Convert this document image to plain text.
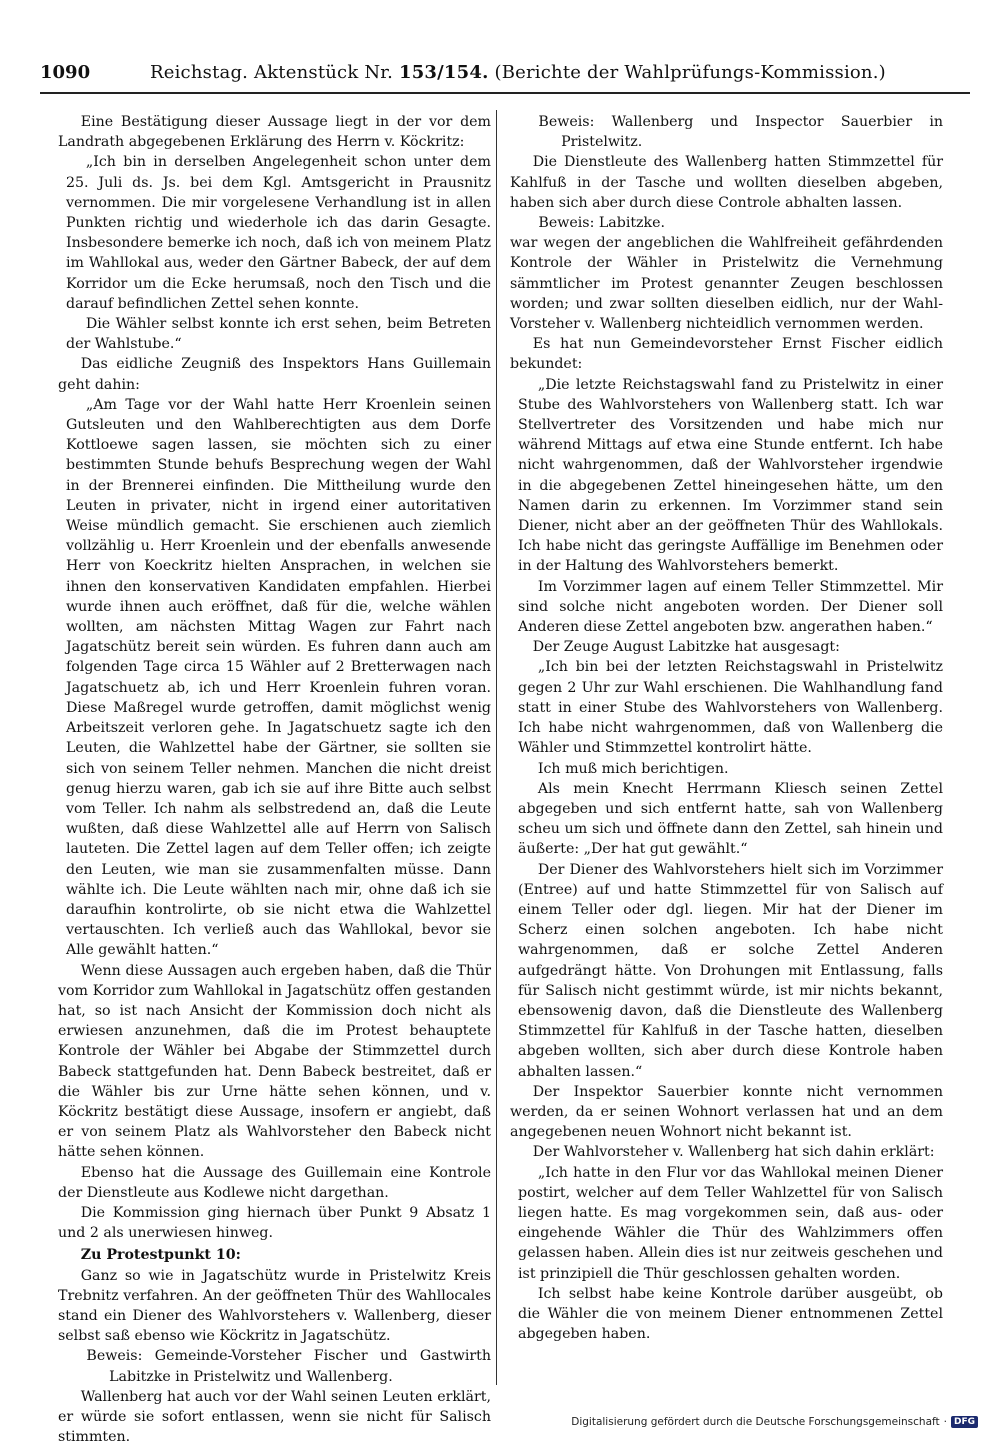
1090	Reichstag. Aktenstück Nr. 153/154. (Berichte der Wahlprüfungs-Kommission.)

Eine Bestätigung dieser Aussage liegt in der vor dem Landrath abgegebenen Erklärung des Herrn v. Köckritz:

„Ich bin in derselben Angelegenheit schon unter dem 25. Juli ds. Js. bei dem Kgl. Amtsgericht in Prausnitz vernommen. Die mir vorgelesene Verhandlung ist in allen Punkten richtig und wiederhole ich das darin Gesagte. Insbesondere bemerke ich noch, daß ich von meinem Platz im Wahllokal aus, weder den Gärtner Babeck, der auf dem Korridor um die Ecke herumsaß, noch den Tisch und die darauf befindlichen Zettel sehen konnte.

Die Wähler selbst konnte ich erst sehen, beim Betreten der Wahlstube.“

Das eidliche Zeugniß des Inspektors Hans Guillemain geht dahin:

„Am Tage vor der Wahl hatte Herr Kroenlein seinen Gutsleuten und den Wahlberechtigten aus dem Dorfe Kottloewe sagen lassen, sie möchten sich zu einer bestimmten Stunde behufs Besprechung wegen der Wahl in der Brennerei einfinden. Die Mittheilung wurde den Leuten in privater, nicht in irgend einer autoritativen Weise mündlich gemacht. Sie erschienen auch ziemlich vollzählig u. Herr Kroenlein und der ebenfalls anwesende Herr von Koeckritz hielten Ansprachen, in welchen sie ihnen den konservativen Kandidaten empfahlen. Hierbei wurde ihnen auch eröffnet, daß für die, welche wählen wollten, am nächsten Mittag Wagen zur Fahrt nach Jagatschütz bereit sein würden. Es fuhren dann auch am folgenden Tage circa 15 Wähler auf 2 Bretterwagen nach Jagatschuetz ab, ich und Herr Kroenlein fuhren voran. Diese Maßregel wurde getroffen, damit möglichst wenig Arbeitszeit verloren gehe. In Jagatschuetz sagte ich den Leuten, die Wahlzettel habe der Gärtner, sie sollten sie sich von seinem Teller nehmen. Manchen die nicht dreist genug hierzu waren, gab ich sie auf ihre Bitte auch selbst vom Teller. Ich nahm als selbstredend an, daß die Leute wußten, daß diese Wahlzettel alle auf Herrn von Salisch lauteten. Die Zettel lagen auf dem Teller offen; ich zeigte den Leuten, wie man sie zusammenfalten müsse. Dann wählte ich. Die Leute wählten nach mir, ohne daß ich sie daraufhin kontrolirte, ob sie nicht etwa die Wahlzettel vertauschten. Ich verließ auch das Wahllokal, bevor sie Alle gewählt hatten.“

Wenn diese Aussagen auch ergeben haben, daß die Thür vom Korridor zum Wahllokal in Jagatschütz offen gestanden hat, so ist nach Ansicht der Kommission doch nicht als erwiesen anzunehmen, daß die im Protest behauptete Kontrole der Wähler bei Abgabe der Stimmzettel durch Babeck stattgefunden hat. Denn Babeck bestreitet, daß er die Wähler bis zur Urne hätte sehen können, und v. Köckritz bestätigt diese Aussage, insofern er angiebt, daß er von seinem Platz als Wahlvorsteher den Babeck nicht hätte sehen können.

Ebenso hat die Aussage des Guillemain eine Kontrole der Dienstleute aus Kodlewe nicht dargethan.

Die Kommission ging hiernach über Punkt 9 Absatz 1 und 2 als unerwiesen hinweg.

Zu Protestpunkt 10:

Ganz so wie in Jagatschütz wurde in Pristelwitz Kreis Trebnitz verfahren. An der geöffneten Thür des Wahllocales stand ein Diener des Wahlvorstehers v. Wallenberg, dieser selbst saß ebenso wie Köckritz in Jagatschütz.

Beweis: Gemeinde-Vorsteher Fischer und Gastwirth Labitzke in Pristelwitz und Wallenberg.

Wallenberg hat auch vor der Wahl seinen Leuten erklärt, er würde sie sofort entlassen, wenn sie nicht für Salisch stimmten.

Beweis: Wallenberg und Inspector Sauerbier in Pristelwitz.

Die Dienstleute des Wallenberg hatten Stimmzettel für Kahlfuß in der Tasche und wollten dieselben abgeben, haben sich aber durch diese Controle abhalten lassen.

Beweis: Labitzke.

war wegen der angeblichen die Wahlfreiheit gefährdenden Kontrole der Wähler in Pristelwitz die Vernehmung sämmtlicher im Protest genannter Zeugen beschlossen worden; und zwar sollten dieselben eidlich, nur der Wahl-Vorsteher v. Wallenberg nichteidlich vernommen werden.

Es hat nun Gemeindevorsteher Ernst Fischer eidlich bekundet:

„Die letzte Reichstagswahl fand zu Pristelwitz in einer Stube des Wahlvorstehers von Wallenberg statt. Ich war Stellvertreter des Vorsitzenden und habe mich nur während Mittags auf etwa eine Stunde entfernt. Ich habe nicht wahrgenommen, daß der Wahlvorsteher irgendwie in die abgegebenen Zettel hineingesehen hätte, um den Namen darin zu erkennen. Im Vorzimmer stand sein Diener, nicht aber an der geöffneten Thür des Wahllokals. Ich habe nicht das geringste Auffällige im Benehmen oder in der Haltung des Wahlvorstehers bemerkt.

Im Vorzimmer lagen auf einem Teller Stimmzettel. Mir sind solche nicht angeboten worden. Der Diener soll Anderen diese Zettel angeboten bzw. angerathen haben.“

Der Zeuge August Labitzke hat ausgesagt:

„Ich bin bei der letzten Reichstagswahl in Pristelwitz gegen 2 Uhr zur Wahl erschienen. Die Wahlhandlung fand statt in einer Stube des Wahlvorstehers von Wallenberg. Ich habe nicht wahrgenommen, daß von Wallenberg die Wähler und Stimmzettel kontrolirt hätte.

Ich muß mich berichtigen.

Als mein Knecht Herrmann Kliesch seinen Zettel abgegeben und sich entfernt hatte, sah von Wallenberg scheu um sich und öffnete dann den Zettel, sah hinein und äußerte: „Der hat gut gewählt.“

Der Diener des Wahlvorstehers hielt sich im Vorzimmer (Entree) auf und hatte Stimmzettel für von Salisch auf einem Teller oder dgl. liegen. Mir hat der Diener im Scherz einen solchen angeboten. Ich habe nicht wahrgenommen, daß er solche Zettel Anderen aufgedrängt hätte. Von Drohungen mit Entlassung, falls für Salisch nicht gestimmt würde, ist mir nichts bekannt, ebensowenig davon, daß die Dienstleute des Wallenberg Stimmzettel für Kahlfuß in der Tasche hatten, dieselben abgeben wollten, sich aber durch diese Kontrole haben abhalten lassen.“

Der Inspektor Sauerbier konnte nicht vernommen werden, da er seinen Wohnort verlassen hat und an dem angegebenen neuen Wohnort nicht bekannt ist.

Der Wahlvorsteher v. Wallenberg hat sich dahin erklärt:

„Ich hatte in den Flur vor das Wahllokal meinen Diener postirt, welcher auf dem Teller Wahlzettel für von Salisch liegen hatte. Es mag vorgekommen sein, daß aus- oder eingehende Wähler die Thür des Wahlzimmers offen gelassen haben. Allein dies ist nur zeitweis geschehen und ist prinzipiell die Thür geschlossen gehalten worden.

Ich selbst habe keine Kontrole darüber ausgeübt, ob die Wähler die von meinem Diener entnommenen Zettel abgegeben haben.

Digitalisierung gefördert durch die Deutsche Forschungsgemeinschaft · DFG
